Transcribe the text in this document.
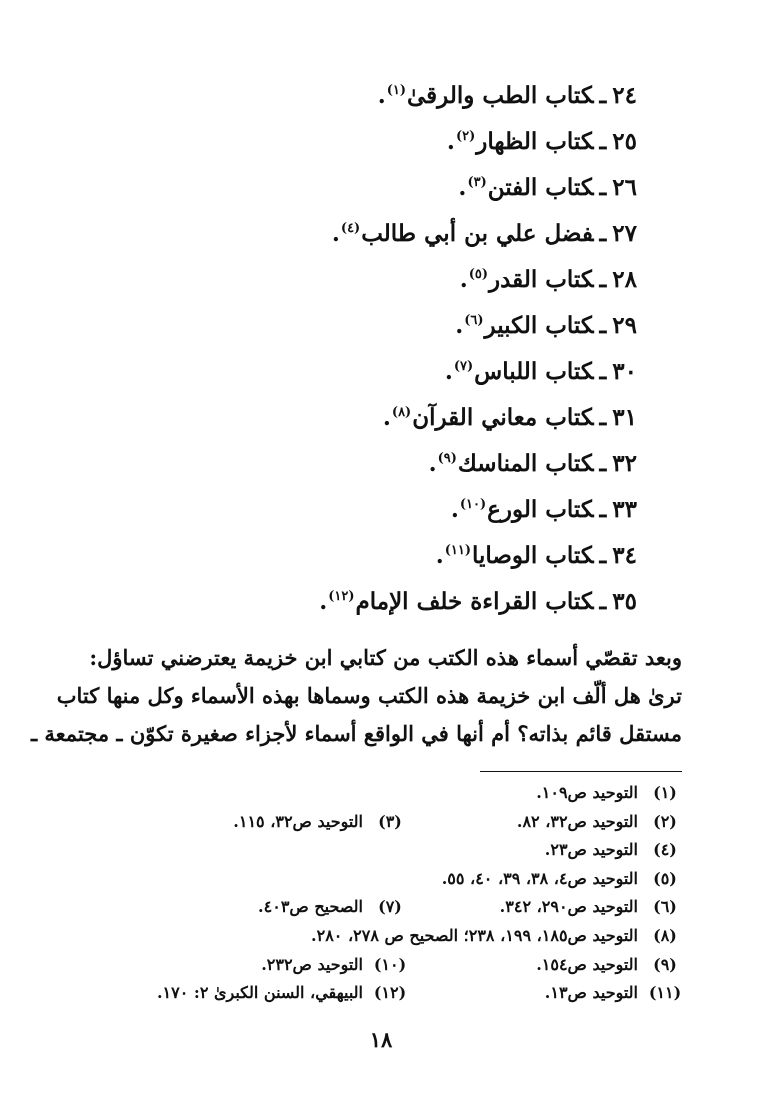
٢٤ـكتاب الطب والرقىٰ$^{(١)}$.
٢٥ـكتاب الظهار$^{(٢)}$.
٢٦ـكتاب الفتن$^{(٣)}$.
٢٧ـفضل علي بن أبي طالب$^{(٤)}$.
٢٨ـكتاب القدر$^{(٥)}$.
٢٩ـكتاب الكبير$^{(٦)}$.
٣٠ـكتاب اللباس$^{(٧)}$.
٣١ـكتاب معاني القرآن$^{(٨)}$.
٣٢ـكتاب المناسك$^{(٩)}$.
٣٣ـكتاب الورع$^{(١٠)}$.
٣٤ـكتاب الوصايا$^{(١١)}$.
٣٥ـكتاب القراءة خلف الإمام$^{(١٢)}$.
وبعد تقصّي أسماء هذه الكتب من كتابي ابن خزيمة يعترضني تساؤل:
ترىٰ هل ألّف ابن خزيمة هذه الكتب وسماها بهذه الأسماء وكل منها كتاب
مستقل قائم بذاته؟ أم أنها في الواقع أسماء لأجزاء صغيرة تكوّن ـ مجتمعة ـ
(١)التوحيد ص١٠٩.
(٢)التوحيد ص٣٢، ٨٢.
(٣)التوحيد ص٣٢، ١١٥.
(٤)التوحيد ص٢٣.
(٥)التوحيد ص٤، ٣٨، ٣٩، ٤٠، ٥٥.
(٦)التوحيد ص٢٩٠، ٣٤٢.
(٧)الصحيح ص٤٠٣.
(٨)التوحيد ص١٨٥، ١٩٩، ٢٣٨؛ الصحيح ص ٢٧٨، ٢٨٠.
(٩)التوحيد ص١٥٤.
(١٠)التوحيد ص٢٣٢.
(١١)التوحيد ص١٣.
(١٢)البيهقي، السنن الكبرىٰ ٢: ١٧٠.
١٨
